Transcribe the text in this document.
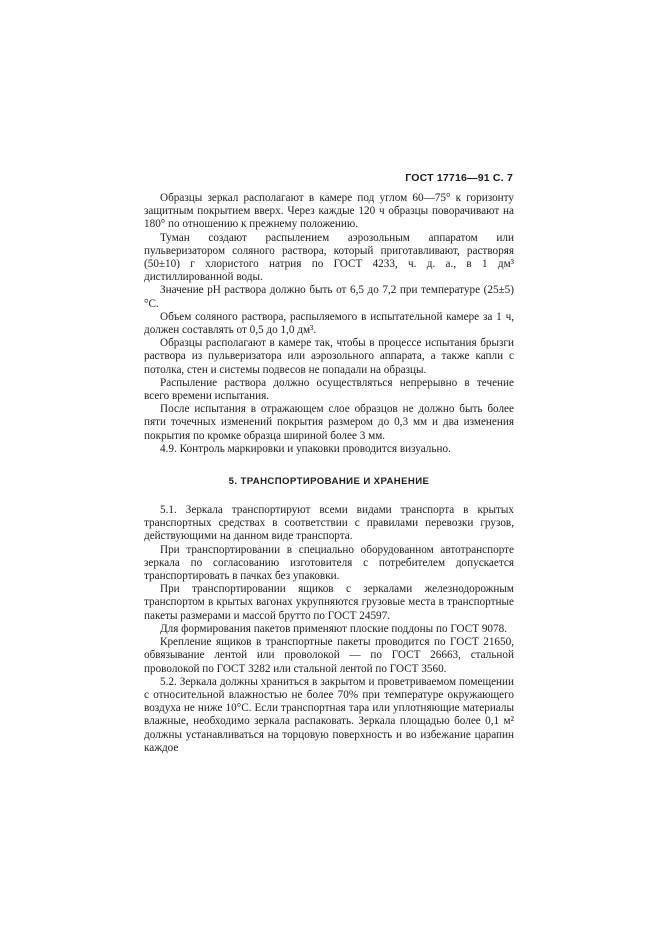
ГОСТ 17716—91 С. 7

Образцы зеркал располагают в камере под углом 60—75° к горизонту защитным покрытием вверх. Через каждые 120 ч образцы поворачивают на 180° по отношению к прежнему положению.

Туман создают распылением аэрозольным аппаратом или пульверизатором соляного раствора, который приготавливают, растворяя (50±10) г хлористого натрия по ГОСТ 4233, ч. д. а., в 1 дм³ дистиллированной воды.

Значение рН раствора должно быть от 6,5 до 7,2 при температуре (25±5)°С.

Объем соляного раствора, распыляемого в испытательной камере за 1 ч, должен составлять от 0,5 до 1,0 дм³.

Образцы располагают в камере так, чтобы в процессе испытания брызги раствора из пульверизатора или аэрозольного аппарата, а также капли с потолка, стен и системы подвесов не попадали на образцы.

Распыление раствора должно осуществляться непрерывно в течение всего времени испытания.

После испытания в отражающем слое образцов не должно быть более пяти точечных изменений покрытия размером до 0,3 мм и два изменения покрытия по кромке образца шириной более 3 мм.

4.9. Контроль маркировки и упаковки проводится визуально.

5. ТРАНСПОРТИРОВАНИЕ И ХРАНЕНИЕ

5.1. Зеркала транспортируют всеми видами транспорта в крытых транспортных средствах в соответствии с правилами перевозки грузов, действующими на данном виде транспорта.

При транспортировании в специально оборудованном автотранспорте зеркала по согласованию изготовителя с потребителем допускается транспортировать в пачках без упаковки.

При транспортировании ящиков с зеркалами железнодорожным транспортом в крытых вагонах укрупняются грузовые места в транспортные пакеты размерами и массой брутто по ГОСТ 24597.

Для формирования пакетов применяют плоские поддоны по ГОСТ 9078.

Крепление ящиков в транспортные пакеты проводится по ГОСТ 21650, обвязывание лентой или проволокой — по ГОСТ 26663, стальной проволокой по ГОСТ 3282 или стальной лентой по ГОСТ 3560.

5.2. Зеркала должны храниться в закрытом и проветриваемом помещении с относительной влажностью не более 70% при температуре окружающего воздуха не ниже 10°С. Если транспортная тара или уплотняющие материалы влажные, необходимо зеркала распаковать. Зеркала площадью более 0,1 м² должны устанавливаться на торцовую поверхность и во избежание царапин каждое
